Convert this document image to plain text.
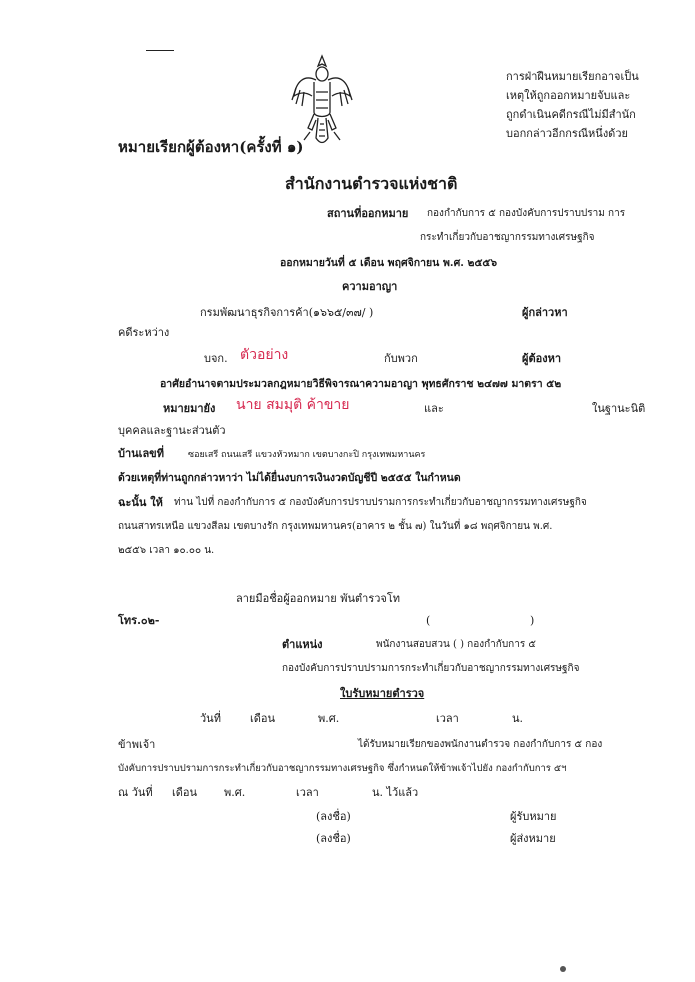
การฝ่าฝืนหมายเรียกอาจเป็น
เหตุให้ถูกออกหมายจับและ
ถูกดำเนินคดีกรณีไม่มีสำนัก
บอกกล่าวอีกกรณีหนึ่งด้วย
หมายเรียกผู้ต้องหา(ครั้งที่ ๑)
สำนักงานตำรวจแห่งชาติ
สถานที่ออกหมาย กองกำกับการ ๕ กองบังคับการปราบปราม การ
กระทำเกี่ยวกับอาชญากรรมทางเศรษฐกิจ
ออกหมายวันที่ ๕ เดือน พฤศจิกายน พ.ศ. ๒๕๕๖
ความอาญา
กรมพัฒนาธุรกิจการค้า(๑๖๖๕/๓๗/ )	ผู้กล่าวหา
คดีระหว่าง
บจก. ตัวอย่าง	กับพวก	ผู้ต้องหา
อาศัยอำนาจตามประมวลกฎหมายวิธีพิจารณาความอาญา พุทธศักราช ๒๔๗๗ มาตรา ๕๒
หมายมายัง นาย สมมุติ ค้าขาย	และ	ในฐานะนิติ
บุคคลและฐานะส่วนตัว
บ้านเลขที่	ซอยเสรี ถนนเสรี แขวงหัวหมาก เขตบางกะปิ กรุงเทพมหานคร
ด้วยเหตุที่ท่านถูกกล่าวหาว่า ไม่ได้ยื่นงบการเงินงวดบัญชีปี ๒๕๕๕ ในกำหนด
ฉะนั้น ให้ ท่าน ไปที่ กองกำกับการ ๕ กองบังคับการปราบปรามการกระทำเกี่ยวกับอาชญากรรมทางเศรษฐกิจ
ถนนสาทรเหนือ แขวงสีลม เขตบางรัก กรุงเทพมหานคร(อาคาร ๒ ชั้น ๗) ในวันที่ ๑๘ พฤศจิกายน พ.ศ.
๒๕๕๖ เวลา ๑๐.๐๐ น.
ลายมือชื่อผู้ออกหมาย พันตำรวจโท
(	)
โทร.๐๒-
ตำแหน่ง	พนักงานสอบสวน ( ) กองกำกับการ ๕
กองบังคับการปราบปรามการกระทำเกี่ยวกับอาชญากรรมทางเศรษฐกิจ
ใบรับหมายตำรวจ
วันที่	เดือน	พ.ศ.	เวลา	น.
ข้าพเจ้า	ได้รับหมายเรียกของพนักงานตำรวจ กองกำกับการ ๕ กอง
บังคับการปราบปรามการกระทำเกี่ยวกับอาชญากรรมทางเศรษฐกิจ ซึ่งกำหนดให้ข้าพเจ้าไปยัง กองกำกับการ ๕ฯ
ณ วันที่ เดือน พ.ศ.	เวลา	น. ไว้แล้ว
(ลงชื่อ)	ผู้รับหมาย
(ลงชื่อ)	ผู้ส่งหมาย
